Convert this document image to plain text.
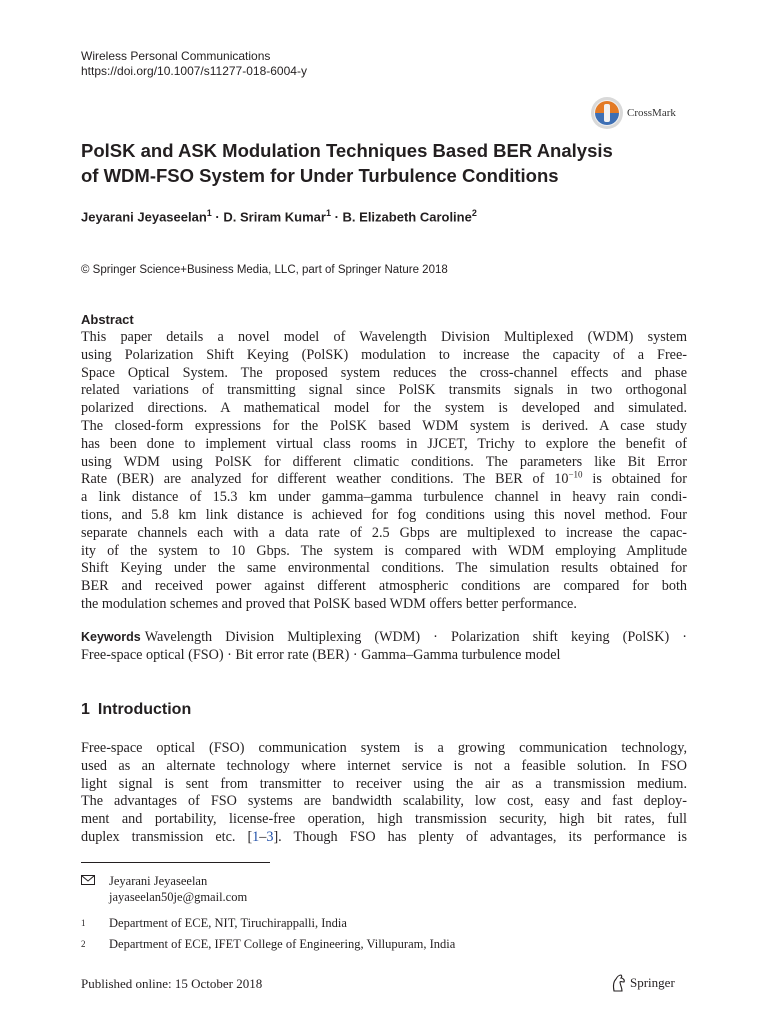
Wireless Personal Communications
https://doi.org/10.1007/s11277-018-6004-y
CrossMark
PolSK and ASK Modulation Techniques Based BER Analysis
of WDM-FSO System for Under Turbulence Conditions
Jeyarani Jeyaseelan$^1$ · D. Sriram Kumar$^1$ · B. Elizabeth Caroline$^2$
© Springer Science+Business Media, LLC, part of Springer Nature 2018
Abstract
This paper details a novel model of Wavelength Division Multiplexed (WDM) system
using Polarization Shift Keying (PolSK) modulation to increase the capacity of a Free-
Space Optical System. The proposed system reduces the cross-channel effects and phase
related variations of transmitting signal since PolSK transmits signals in two orthogonal
polarized directions. A mathematical model for the system is developed and simulated.
The closed-form expressions for the PolSK based WDM system is derived. A case study
has been done to implement virtual class rooms in JJCET, Trichy to explore the benefit of
using WDM using PolSK for different climatic conditions. The parameters like Bit Error
Rate (BER) are analyzed for different weather conditions. The BER of $10^{-10}$ is obtained for
a link distance of 15.3 km under gamma–gamma turbulence channel in heavy rain condi-
tions, and 5.8 km link distance is achieved for fog conditions using this novel method. Four
separate channels each with a data rate of 2.5 Gbps are multiplexed to increase the capac-
ity of the system to 10 Gbps. The system is compared with WDM employing Amplitude
Shift Keying under the same environmental conditions. The simulation results obtained for
BER and received power against different atmospheric conditions are compared for both
the modulation schemes and proved that PolSK based WDM offers better performance.
Keywords Wavelength Division Multiplexing (WDM) · Polarization shift keying (PolSK) ·
Free-space optical (FSO) · Bit error rate (BER) · Gamma–Gamma turbulence model
1 Introduction
Free-space optical (FSO) communication system is a growing communication technology,
used as an alternate technology where internet service is not a feasible solution. In FSO
light signal is sent from transmitter to receiver using the air as a transmission medium.
The advantages of FSO systems are bandwidth scalability, low cost, easy and fast deploy-
ment and portability, license-free operation, high transmission security, high bit rates, full
duplex transmission etc. [1–3]. Though FSO has plenty of advantages, its performance is
Jeyarani Jeyaseelan
jayaseelan50je@gmail.com
1 Department of ECE, NIT, Tiruchirappalli, India
2 Department of ECE, IFET College of Engineering, Villupuram, India
Published online: 15 October 2018	Springer
